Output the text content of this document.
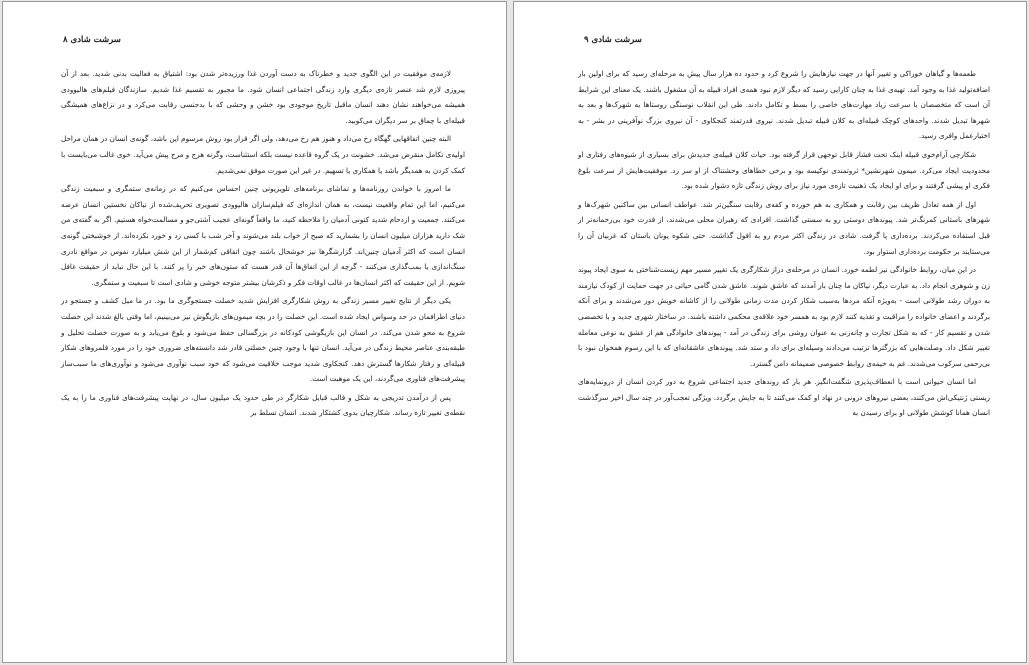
سرشت شادی ۸

لازمه‌ی موفقیت در این الگوی جدید و خطرناک به دست آوردن غذا ورزیده‌تر شدن بود: اشتیاق به فعالیت بدنی شدید. بعد از آن پیروزی لازم شد عنصر تازه‌ی دیگری وارد زندگی اجتماعی انسان شود. ما مجبور به تقسیم غذا شدیم. سازندگان فیلم‌های هالیوودی همیشه می‌خواهند نشان دهند انسان ماقبل تاریخ موجودی بود خشن و وحشی که با بدجنسی رقابت می‌کرد و در نزاع‌های همیشگی قبیله‌ای با چماق بر سر دیگران می‌کوبید.

البته چنین اتفاقهایی گهگاه رخ می‌داد و هنوز هم رخ می‌دهد، ولی اگر قرار بود روش مرسوم این باشد، گونه‌ی انسان در همان مراحل اولیه‌ی تکامل منقرض می‌شد. خشونت در یک گروه قاعده نیست بلکه استثناست، وگرنه هرج و مرج پیش می‌آید. خوی غالب می‌بایست با کمک کردن به همدیگر باشد یا همکاری یا تسهیم. در غیر این صورت موفق نمی‌شدیم.

ما امروز با خواندن روزنامه‌ها و تماشای برنامه‌های تلویزیونی چنین احساس می‌کنیم که در زمانه‌ی ستمگری و سبعیت زندگی می‌کنیم، اما این تمام واقعیت نیست، به همان اندازه‌ای که فیلم‌سازان هالیوودی تصویری تحریف‌شده از نیاکان نخستین انسان عرضه می‌کنند. جمعیت و ازدحام شدید کنونی آدمیان را ملاحظه کنید، ما واقعاً گونه‌ای عجیب آشتی‌جو و مسالمت‌خواه هستیم. اگر به گفته‌ی من شک دارید هزاران میلیون انسان را بشمارید که صبح از خواب بلند می‌شوند و آخر شب با کسی زد و خورد نکرده‌اند. از خوشبختی گونه‌ی انسان است که اکثر آدمیان چنین‌اند. گزارشگرها نیز خوشحال باشند چون اتفاقی کم‌شمار از این شش میلیارد نفوس در مواقع نادری سنگ‌اندازی یا بمب‌گذاری می‌کنند - گرچه از این اتفاق‌ها آن قدر هست که ستون‌های خبر را پر کنند. با این حال نباید از حقیقت غافل شویم. از این حقیقت که اکثر انسان‌ها در غالب اوقات فکر و ذکرشان بیشتر متوجه خوشی و شادی است تا سبعیت و ستمگری.

یکی دیگر از نتایج تغییر مسیر زندگی به روش شکارگری افزایش شدید خصلت جستجوگری ما بود. در ما میل کشف و جستجو در دنیای اطرافمان در حد وسواس ایجاد شده است. این خصلت را در بچه میمون‌های بازیگوش نیز می‌بینیم، اما وقتی بالغ شدند این خصلت شروع به محو شدن می‌کند. در انسان این بازیگوشی کودکانه در بزرگسالی حفظ می‌شود و بلوغ می‌یابد و به صورت خصلت تحلیل و طبقه‌بندی عناصر محیط زندگی در می‌آید. انسان تنها با وجود چنین خصلتی قادر شد دانسته‌های ضروری خود را در مورد قلمروهای شکار قبیله‌ای و رفتار شکارها گسترش دهد. کنجکاوی شدید موجب خلاقیت می‌شود که خود سبب نوآوری می‌شود و نوآوری‌های ما سبب‌ساز پیشرفت‌های فناوری می‌گردند، این یک موهبت است.

پس از درآمدن تدریجی به شکل و قالب قبایل شکارگر در طی حدود یک میلیون سال، در نهایت پیشرفت‌های فناوری ما را به یک نقطه‌ی تغییر تازه رساند. شکارچیان بدوی کشتکار شدند. انسان تسلط بر

سرشت شادی ۹

طعمه‌ها و گیاهان خوراکی و تغییر آنها در جهت نیازهایش را شروع کرد و حدود ده هزار سال پیش به مرحله‌ای رسید که برای اولین بار اضافه‌تولید غذا به وجود آمد. تهیه‌ی غذا به چنان کارایی رسید که دیگر لازم نبود همه‌ی افراد قبیله به آن مشغول باشند. یک معنای این شرایط آن است که متخصصان با سرعت زیاد مهارت‌های خاصی را بسط و تکامل دادند. طی این انقلاب نوسنگی روستاها به شهرک‌ها و بعد به شهرها تبدیل شدند. واحدهای کوچک قبیله‌ای به کلان قبیله تبدیل شدند. نیروی قدرتمند کنجکاوی - آن نیروی بزرگ نوآفرینی در بشر - به اختیارعمل وافری رسید.

شکارچی آرام‌خوی قبیله اینک تحت فشار قابل توجهی قرار گرفته بود. حیات کلان قبیله‌ی جدیدش برای بسیاری از شیوه‌های رفتاری او محدودیت ایجاد می‌کرد. میمون شهرنشین* ثروتمندی نوکیسه بود و برخی خطاهای وحشتناک از او سر زد. موفقیت‌هایش از سرعت بلوغ فکری او پیشی گرفتند و برای او ایجاد یک ذهنیت تازه‌ی مورد نیاز برای روش زندگی تازه دشوار شده بود.

اول از همه تعادل ظریف بین رقابت و همکاری به هم خورده و کفه‌ی رقابت سنگین‌تر شد. عواطف انسانی بین ساکنین شهرک‌ها و شهرهای باستانی کمرنگ‌تر شد. پیوندهای دوستی رو به سستی گذاشت. افرادی که رهبران محلی می‌شدند، از قدرت خود بی‌رحمانه‌تر از قبل استفاده می‌کردند. برده‌داری پا گرفت. شادی در زندگی اکثر مردم رو به افول گذاشت. حتی شکوه یونان باستان که غربیان آن را می‌ستایند بر حکومت برده‌داری استوار بود.

در این میان، روابط خانوادگی نیز لطمه خورد. انسان در مرحله‌ی دراز شکارگری یک تغییر مسیر مهم زیست‌شناختی به سوی ایجاد پیوند زن و شوهری انجام داد. به عبارت دیگر، نیاکان ما چنان بار آمدند که عاشق شوند. عاشق شدن گامی حیاتی در جهت حمایت از کودک نیازمند به دوران رشد طولانی است - به‌ویژه آنکه مردها به‌سبب شکار کردن مدت زمانی طولانی را از کاشانه خویش دور می‌شدند و برای آنکه برگردند و اعضای خانواده را مراقبت و تغذیه کنند لازم بود به همسر خود علاقه‌ی محکمی داشته باشند. در ساختار شهری جدید و با تخصصی شدن و تقسیم کار - که به شکل تجارت و چانه‌زنی به عنوان روشی برای زندگی در آمد - پیوندهای خانوادگی هم از عشق به نوعی معامله تغییر شکل داد. وصلت‌هایی که بزرگترها ترتیب می‌دادند وسیله‌ای برای داد و ستد شد. پیوندهای عاشقانه‌ای که با این رسوم همخوان نبود با بی‌رحمی سرکوب می‌شدند. غم به خیمه‌ی روابط خصوصی صمیمانه دامن گسترد.

اما انسان حیوانی است با انعطاف‌پذیری شگفت‌انگیز. هر بار که روندهای جدید اجتماعی شروع به دور کردن انسان از درونمایه‌های زیستی ژنتیکی‌اش می‌کنند، بعضی نیروهای درونی در نهاد او کمک می‌کنند تا به جایش برگردد. ویژگی تعجب‌آور در چند سال اخیر سرگذشت انسان همانا کوشش طولانی او برای رسیدن به
